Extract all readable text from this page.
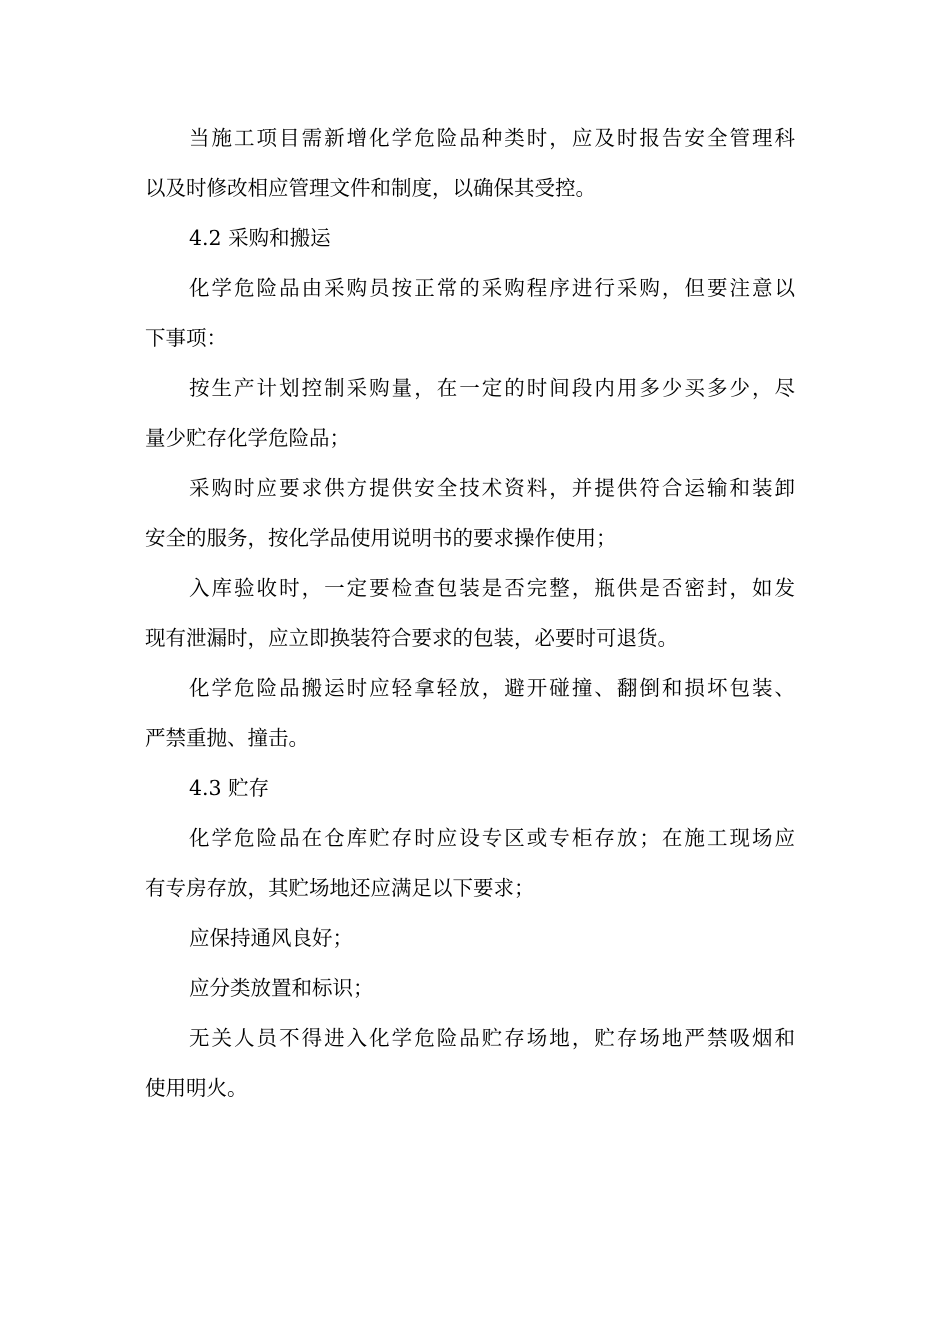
当施工项目需新增化学危险品种类时，应及时报告安全管理科
以及时修改相应管理文件和制度，以确保其受控。
4.2 采购和搬运
化学危险品由采购员按正常的采购程序进行采购，但要注意以
下事项：
按生产计划控制采购量，在一定的时间段内用多少买多少，尽
量少贮存化学危险品；
采购时应要求供方提供安全技术资料，并提供符合运输和装卸
安全的服务，按化学品使用说明书的要求操作使用；
入库验收时，一定要检查包装是否完整，瓶供是否密封，如发
现有泄漏时，应立即换装符合要求的包装，必要时可退货。
化学危险品搬运时应轻拿轻放，避开碰撞、翻倒和损坏包装、
严禁重抛、撞击。
4.3 贮存
化学危险品在仓库贮存时应设专区或专柜存放；在施工现场应
有专房存放，其贮场地还应满足以下要求；
应保持通风良好；
应分类放置和标识；
无关人员不得进入化学危险品贮存场地，贮存场地严禁吸烟和
使用明火。
